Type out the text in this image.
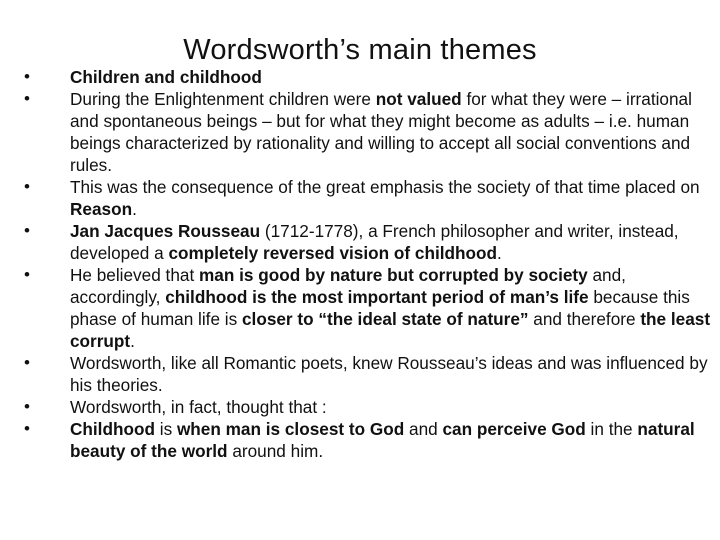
Wordsworth’s main themes
• Children and childhood
• During the Enlightenment children were not valued for what they were – irrational and spontaneous beings – but for what they might become as adults – i.e. human beings characterized by rationality and willing to accept all social conventions and rules.
• This was the consequence of the great emphasis the society of that time placed on Reason.
• Jan Jacques Rousseau (1712-1778), a French philosopher and writer, instead, developed a completely reversed vision of childhood.
• He believed that man is good by nature but corrupted by society and, accordingly, childhood is the most important period of man’s life because this phase of human life is closer to “the ideal state of nature” and therefore the least corrupt.
• Wordsworth, like all Romantic poets, knew Rousseau’s ideas and was influenced by his theories.
• Wordsworth, in fact, thought that :
• Childhood is when man is closest to God and can perceive God in the natural beauty of the world around him.
